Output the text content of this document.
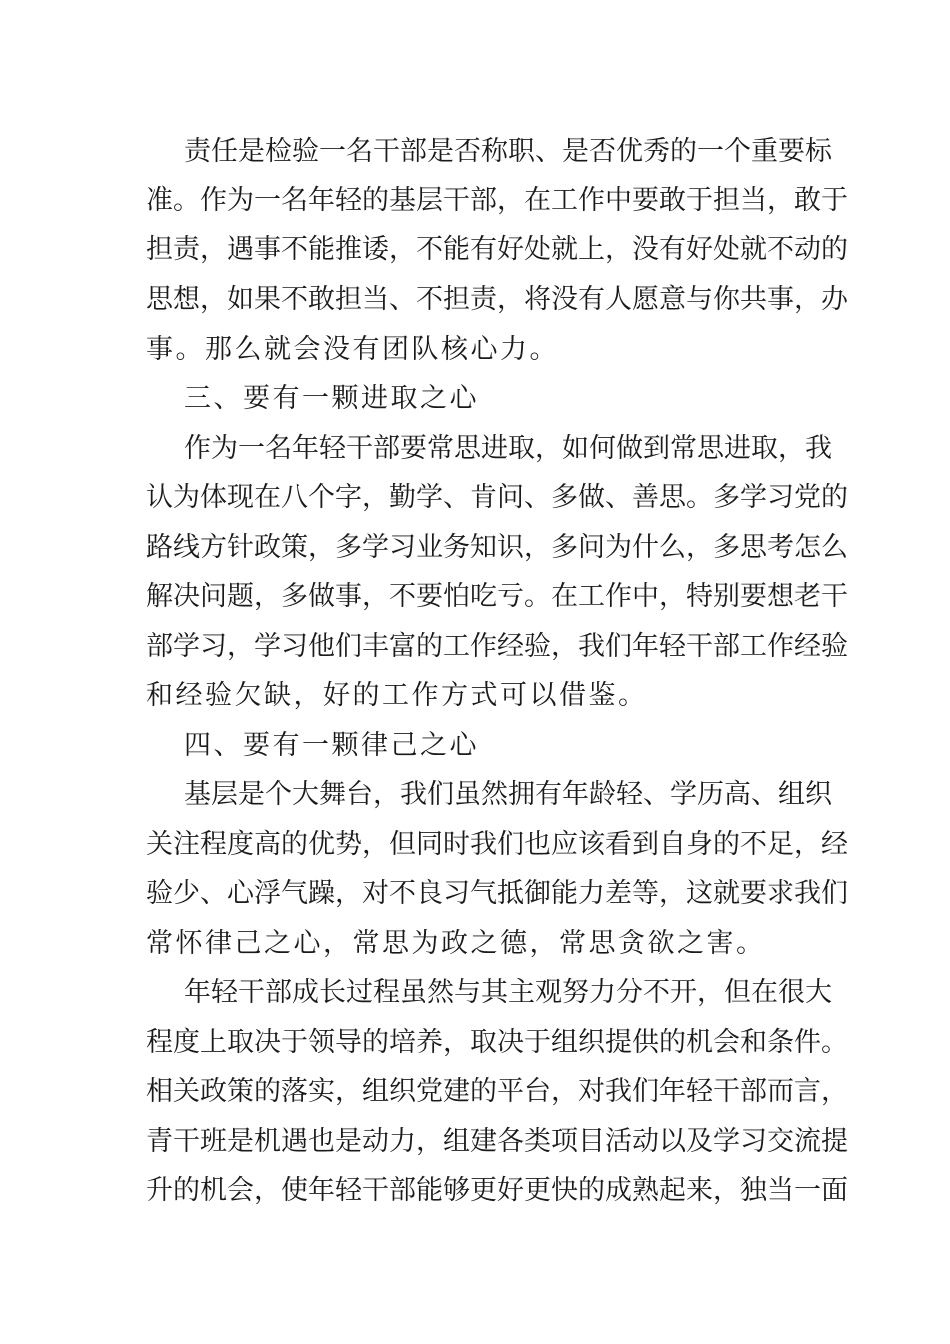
责任是检验一名干部是否称职、是否优秀的一个重要标
准。作为一名年轻的基层干部，在工作中要敢于担当，敢于
担责，遇事不能推诿，不能有好处就上，没有好处就不动的
思想，如果不敢担当、不担责，将没有人愿意与你共事，办
事。那么就会没有团队核心力。
三、要有一颗进取之心
作为一名年轻干部要常思进取，如何做到常思进取，我
认为体现在八个字，勤学、肯问、多做、善思。多学习党的
路线方针政策，多学习业务知识，多问为什么，多思考怎么
解决问题，多做事，不要怕吃亏。在工作中，特别要想老干
部学习，学习他们丰富的工作经验，我们年轻干部工作经验
和经验欠缺，好的工作方式可以借鉴。
四、要有一颗律己之心
基层是个大舞台，我们虽然拥有年龄轻、学历高、组织
关注程度高的优势，但同时我们也应该看到自身的不足，经
验少、心浮气躁，对不良习气抵御能力差等，这就要求我们
常怀律己之心，常思为政之德，常思贪欲之害。
年轻干部成长过程虽然与其主观努力分不开，但在很大
程度上取决于领导的培养，取决于组织提供的机会和条件。
相关政策的落实，组织党建的平台，对我们年轻干部而言，
青干班是机遇也是动力，组建各类项目活动以及学习交流提
升的机会，使年轻干部能够更好更快的成熟起来，独当一面
